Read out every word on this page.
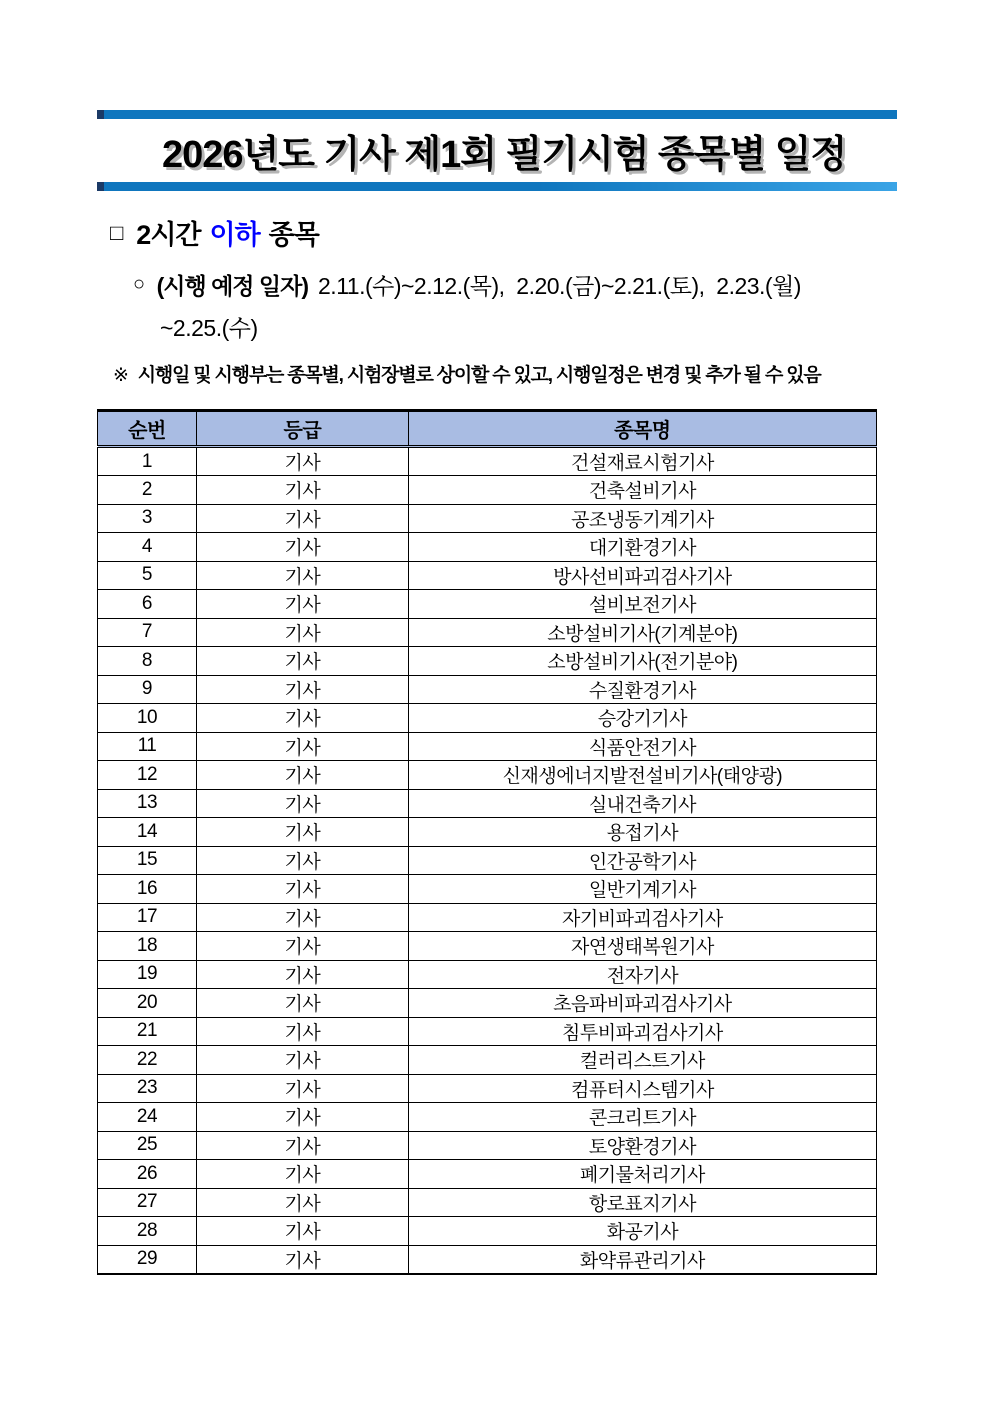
2026년도 기사 제1회 필기시험 종목별 일정
□ 2시간 이하 종목
○ (시행 예정 일자) 2.11.(수)~2.12.(목),  2.20.(금)~2.21.(토),  2.23.(월)
~2.25.(수)
※ 시행일 및 시행부는 종목별, 시험장별로 상이할 수 있고, 시행일정은 변경 및 추가 될 수 있음
순번	등급	종목명
1	기사	건설재료시험기사
2	기사	건축설비기사
3	기사	공조냉동기계기사
4	기사	대기환경기사
5	기사	방사선비파괴검사기사
6	기사	설비보전기사
7	기사	소방설비기사(기계분야)
8	기사	소방설비기사(전기분야)
9	기사	수질환경기사
10	기사	승강기기사
11	기사	식품안전기사
12	기사	신재생에너지발전설비기사(태양광)
13	기사	실내건축기사
14	기사	용접기사
15	기사	인간공학기사
16	기사	일반기계기사
17	기사	자기비파괴검사기사
18	기사	자연생태복원기사
19	기사	전자기사
20	기사	초음파비파괴검사기사
21	기사	침투비파괴검사기사
22	기사	컬러리스트기사
23	기사	컴퓨터시스템기사
24	기사	콘크리트기사
25	기사	토양환경기사
26	기사	폐기물처리기사
27	기사	항로표지기사
28	기사	화공기사
29	기사	화약류관리기사
